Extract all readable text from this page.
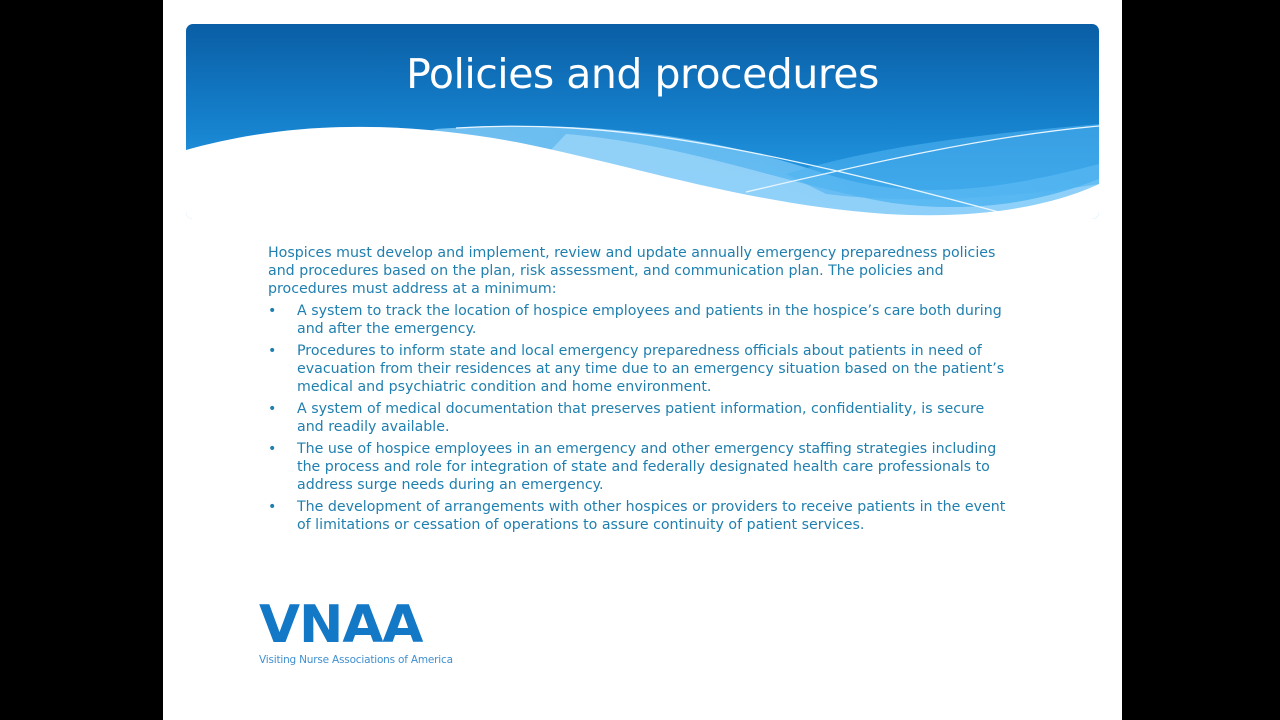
Policies and procedures

Hospices must develop and implement, review and update annually emergency preparedness policies and procedures based on the plan, risk assessment, and communication plan. The policies and procedures must address at a minimum:

•	A system to track the location of hospice employees and patients in the hospice’s care both during and after the emergency.
•	Procedures to inform state and local emergency preparedness officials about patients in need of evacuation from their residences at any time due to an emergency situation based on the patient’s medical and psychiatric condition and home environment.
•	A system of medical documentation that preserves patient information, confidentiality, is secure and readily available.
•	The use of hospice employees in an emergency and other emergency staffing strategies including the process and role for integration of state and federally designated health care professionals to address surge needs during an emergency.
•	The development of arrangements with other hospices or providers to receive patients in the event of limitations or cessation of operations to assure continuity of patient services.
VNAA
Visiting Nurse Associations of America
